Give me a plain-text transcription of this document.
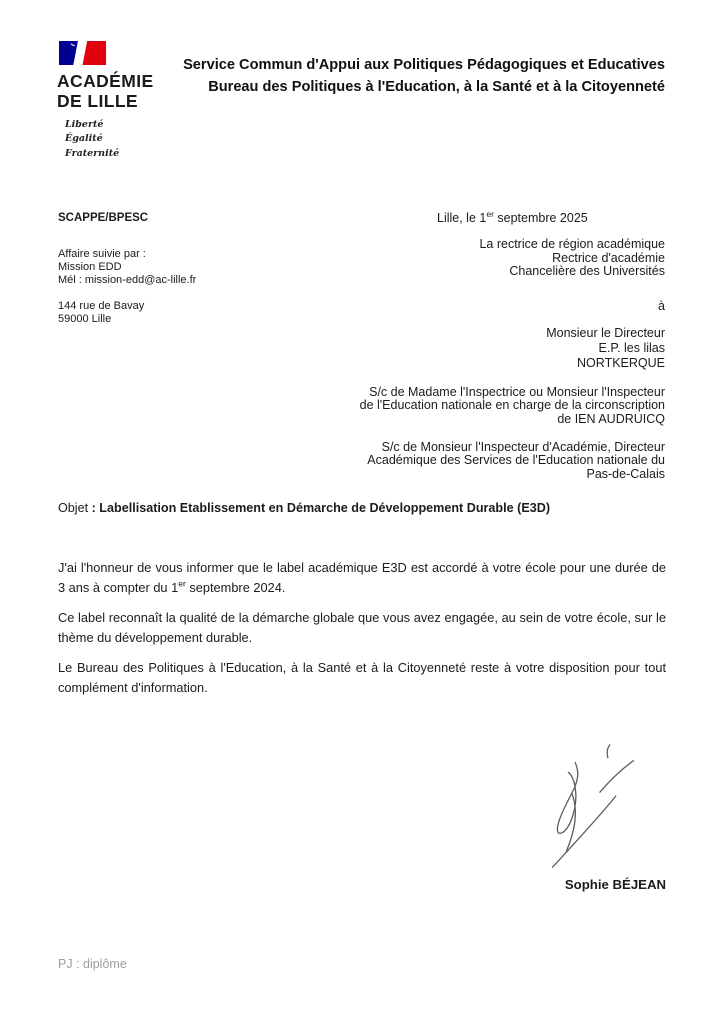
ACADÉMIE
DE LILLE
Liberté
Égalité
Fraternité
Service Commun d'Appui aux Politiques Pédagogiques et Educatives
Bureau des Politiques à l'Education, à la Santé et à la Citoyenneté
SCAPPE/BPESC
Affaire suivie par :
Mission EDD
Mél : mission-edd@ac-lille.fr
144 rue de Bavay
59000 Lille
Lille, le 1er septembre 2025
La rectrice de région académique
Rectrice d'académie
Chancelière des Universités
à
Monsieur le Directeur
E.P. les lilas
NORTKERQUE
S/c de Madame l'Inspectrice ou Monsieur l'Inspecteur
de l'Education nationale en charge de la circonscription
de IEN AUDRUICQ
S/c de Monsieur l'Inspecteur d'Académie, Directeur
Académique des Services de l'Education nationale du
Pas-de-Calais
Objet : Labellisation Etablissement en Démarche de Développement Durable (E3D)

J'ai l'honneur de vous informer que le label académique E3D est accordé à votre école pour une durée de 3 ans à compter du 1er septembre 2024.

Ce label reconnaît la qualité de la démarche globale que vous avez engagée, au sein de votre école, sur le thème du développement durable.

Le Bureau des Politiques à l'Education, à la Santé et à la Citoyenneté reste à votre disposition pour tout complément d'information.

Sophie BÉJEAN
PJ : diplôme
